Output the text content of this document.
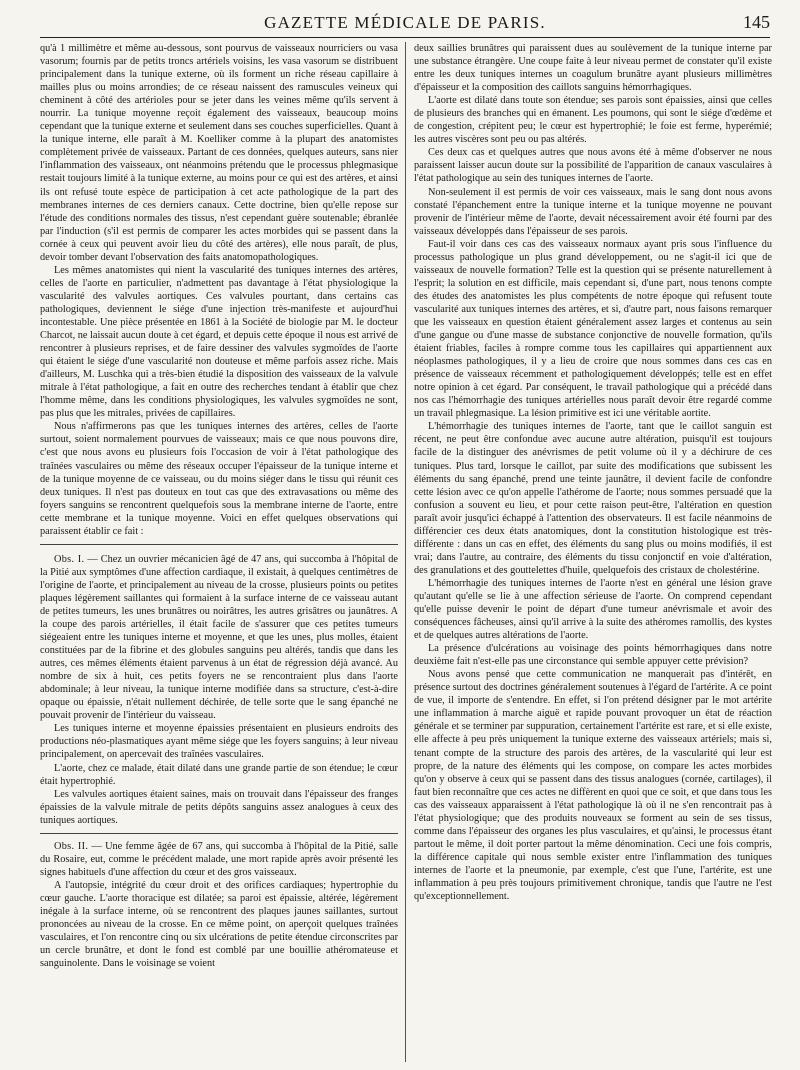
GAZETTE MÉDICALE DE PARIS.	145

qu'à 1 millimètre et même au-dessous, sont pourvus de vaisseaux nourriciers ou vasa vasorum; fournis par de petits troncs artériels voisins, les vasa vasorum se distribuent principalement dans la tunique externe, où ils forment un riche réseau capillaire à mailles plus ou moins arrondies; de ce réseau naissent des ramuscules veineux qui cheminent à côté des artérioles pour se jeter dans les veines même qu'ils servent à nourrir. La tunique moyenne reçoit également des vaisseaux, beaucoup moins cependant que la tunique externe et seulement dans ses couches superficielles. Quant à la tunique interne, elle paraît à M. Koelliker comme à la plupart des anatomistes complètement privée de vaisseaux. Partant de ces données, quelques auteurs, sans nier l'inflammation des vaisseaux, ont néanmoins prétendu que le processus phlegmasique restait toujours limité à la tunique externe, au moins pour ce qui est des artères, et ainsi ils ont refusé toute espèce de participation à cet acte pathologique de la part des membranes internes de ces derniers canaux. Cette doctrine, bien qu'elle repose sur l'étude des conditions normales des tissus, n'est cependant guère soutenable; ébranlée par l'induction (s'il est permis de comparer les actes morbides qui se passent dans la cornée à ceux qui peuvent avoir lieu du côté des artères), elle nous paraît, de plus, devoir tomber devant l'observation des faits anatomopathologiques.

Les mêmes anatomistes qui nient la vascularité des tuniques internes des artères, celles de l'aorte en particulier, n'admettent pas davantage à l'état physiologique la vascularité des valvules aortiques. Ces valvules pourtant, dans certains cas pathologiques, deviennent le siége d'une injection très-manifeste et aujourd'hui incontestable. Une pièce présentée en 1861 à la Société de biologie par M. le docteur Charcot, ne laissait aucun doute à cet égard, et depuis cette époque il nous est arrivé de rencontrer à plusieurs reprises, et de faire dessiner des valvules sygmoïdes de l'aorte qui étaient le siége d'une vascularité non douteuse et même parfois assez riche. Mais d'ailleurs, M. Luschka qui a très-bien étudié la disposition des vaisseaux de la valvule mitrale à l'état pathologique, a fait en outre des recherches tendant à établir que chez l'homme même, dans les conditions physiologiques, les valvules sygmoïdes ne sont, pas plus que les mitrales, privées de capillaires.

Nous n'affirmerons pas que les tuniques internes des artères, celles de l'aorte surtout, soient normalement pourvues de vaisseaux; mais ce que nous pouvons dire, c'est que nous avons eu plusieurs fois l'occasion de voir à l'état pathologique des traînées vasculaires ou même des réseaux occuper l'épaisseur de la tunique interne et de la tunique moyenne de ce vaisseau, ou du moins siéger dans le tissu qui réunit ces deux tuniques. Il n'est pas douteux en tout cas que des extravasations ou même des foyers sanguins se rencontrent quelquefois sous la membrane interne de l'aorte, entre cette membrane et la tunique moyenne. Voici en effet quelques observations qui paraissent établir ce fait :

Obs. I. — Chez un ouvrier mécanicien âgé de 47 ans, qui succomba à l'hôpital de la Pitié aux symptômes d'une affection cardiaque, il existait, à quelques centimètres de l'origine de l'aorte, et principalement au niveau de la crosse, plusieurs points ou petites plaques légèrement saillantes qui formaient à la surface interne de ce vaisseau autant de petites tumeurs, les unes brunâtres ou noirâtres, les autres grisâtres ou jaunâtres. A la coupe des parois artérielles, il était facile de s'assurer que ces petites tumeurs siégeaient entre les tuniques interne et moyenne, et que les unes, plus molles, étaient constituées par de la fibrine et des globules sanguins peu altérés, tandis que dans les autres, ces mêmes éléments étaient parvenus à un état de régression déjà avancé. Au nombre de six à huit, ces petits foyers ne se rencontraient plus dans l'aorte abdominale; à leur niveau, la tunique interne modifiée dans sa structure, c'est-à-dire opaque ou épaissie, n'était nullement déchirée, de telle sorte que le sang épanché ne pouvait provenir de l'intérieur du vaisseau.

Les tuniques interne et moyenne épaissies présentaient en plusieurs endroits des productions néo-plasmatiques ayant même siége que les foyers sanguins; à leur niveau principalement, on apercevait des traînées vasculaires.

L'aorte, chez ce malade, était dilaté dans une grande partie de son étendue; le cœur était hypertrophié.

Les valvules aortiques étaient saines, mais on trouvait dans l'épaisseur des franges épaissies de la valvule mitrale de petits dépôts sanguins assez analogues à ceux des tuniques aortiques.

Obs. II. — Une femme âgée de 67 ans, qui succomba à l'hôpital de la Pitié, salle du Rosaire, eut, comme le précédent malade, une mort rapide après avoir présenté les signes habituels d'une affection du cœur et des gros vaisseaux.

A l'autopsie, intégrité du cœur droit et des orifices cardiaques; hypertrophie du cœur gauche. L'aorte thoracique est dilatée; sa paroi est épaissie, altérée, légèrement inégale à la surface interne, où se rencontrent des plaques jaunes saillantes, surtout prononcées au niveau de la crosse. En ce même point, on aperçoit quelques traînées vasculaires, et l'on rencontre cinq ou six ulcérations de petite étendue circonscrites par un cercle brunâtre, et dont le fond est comblé par une bouillie athéromateuse et sanguinolente. Dans le voisinage se voient

deux saillies brunâtres qui paraissent dues au soulèvement de la tunique interne par une substance étrangère. Une coupe faite à leur niveau permet de constater qu'il existe entre les deux tuniques internes un coagulum brunâtre ayant plusieurs millimètres d'épaisseur et la composition des caillots sanguins hémorrhagiques.

L'aorte est dilaté dans toute son étendue; ses parois sont épaissies, ainsi que celles de plusieurs des branches qui en émanent. Les poumons, qui sont le siége d'œdème et de congestion, crépitent peu; le cœur est hypertrophié; le foie est ferme, hyperémié; les autres viscères sont peu ou pas altérés.

Ces deux cas et quelques autres que nous avons été à même d'observer ne nous paraissent laisser aucun doute sur la possibilité de l'apparition de canaux vasculaires à l'état pathologique au sein des tuniques internes de l'aorte.

Non-seulement il est permis de voir ces vaisseaux, mais le sang dont nous avons constaté l'épanchement entre la tunique interne et la tunique moyenne ne pouvant provenir de l'intérieur même de l'aorte, devait nécessairement avoir été fourni par des vaisseaux développés dans l'épaisseur de ses parois.

Faut-il voir dans ces cas des vaisseaux normaux ayant pris sous l'influence du processus pathologique un plus grand développement, ou ne s'agit-il ici que de vaisseaux de nouvelle formation? Telle est la question qui se présente naturellement à l'esprit; la solution en est difficile, mais cependant si, d'une part, nous tenons compte des études des anatomistes les plus compétents de notre époque qui refusent toute vascularité aux tuniques internes des artères, et si, d'autre part, nous faisons remarquer que les vaisseaux en question étaient généralement assez larges et contenus au sein d'une gangue ou d'une masse de substance conjonctive de nouvelle formation, qu'ils étaient friables, faciles à rompre comme tous les capillaires qui appartiennent aux néoplasmes pathologiques, il y a lieu de croire que nous sommes dans ces cas en présence de vaisseaux récemment et pathologiquement développés; telle est en effet notre opinion à cet égard. Par conséquent, le travail pathologique qui a précédé dans nos cas l'hémorrhagie des tuniques artérielles nous paraît devoir être regardé comme un travail phlegmasique. La lésion primitive est ici une véritable aortite.

L'hémorrhagie des tuniques internes de l'aorte, tant que le caillot sanguin est récent, ne peut être confondue avec aucune autre altération, puisqu'il est toujours facile de la distinguer des anévrismes de petit volume où il y a déchirure de ces tuniques. Plus tard, lorsque le caillot, par suite des modifications que subissent les éléments du sang épanché, prend une teinte jaunâtre, il devient facile de confondre cette lésion avec ce qu'on appelle l'athérome de l'aorte; nous sommes persuadé que la confusion a souvent eu lieu, et pour cette raison peut-être, l'altération en question paraît avoir jusqu'ici échappé à l'attention des observateurs. Il est facile néanmoins de différencier ces deux états anatomiques, dont la constitution histologique est très-différente : dans un cas en effet, des éléments du sang plus ou moins modifiés, il est vrai; dans l'autre, au contraire, des éléments du tissu conjonctif en voie d'altération, des granulations et des gouttelettes d'huile, quelquefois des cristaux de cholestérine.

L'hémorrhagie des tuniques internes de l'aorte n'est en général une lésion grave qu'autant qu'elle se lie à une affection sérieuse de l'aorte. On comprend cependant qu'elle puisse devenir le point de départ d'une tumeur anévrismale et avoir des conséquences fâcheuses, ainsi qu'il arrive à la suite des athéromes ramollis, des kystes et de quelques autres altérations de l'aorte.

La présence d'ulcérations au voisinage des points hémorrhagiques dans notre deuxième fait n'est-elle pas une circonstance qui semble appuyer cette prévision?

Nous avons pensé que cette communication ne manquerait pas d'intérêt, en présence surtout des doctrines généralement soutenues à l'égard de l'artérite. A ce point de vue, il importe de s'entendre. En effet, si l'on prétend désigner par le mot artérite une inflammation à marche aiguë et rapide pouvant provoquer un état de réaction générale et se terminer par suppuration, certainement l'artérite est rare, et si elle existe, elle affecte à peu près uniquement la tunique externe des vaisseaux artériels; mais si, tenant compte de la structure des parois des artères, de la vascularité qui leur est propre, de la nature des éléments qui les compose, on compare les actes morbides qu'on y observe à ceux qui se passent dans des tissus analogues (cornée, cartilages), il faut bien reconnaître que ces actes ne diffèrent en quoi que ce soit, et que dans tous les cas des vaisseaux apparaissent à l'état pathologique là où il ne s'en rencontrait pas à l'état physiologique; que des produits nouveaux se forment au sein de ses tissus, comme dans l'épaisseur des organes les plus vasculaires, et qu'ainsi, le processus étant partout le même, il doit porter partout la même dénomination. Ceci une fois compris, la différence capitale qui nous semble exister entre l'inflammation des tuniques internes de l'aorte et la pneumonie, par exemple, c'est que l'une, l'artérite, est une inflammation à peu près toujours primitivement chronique, tandis que l'autre ne l'est qu'exceptionnellement.
